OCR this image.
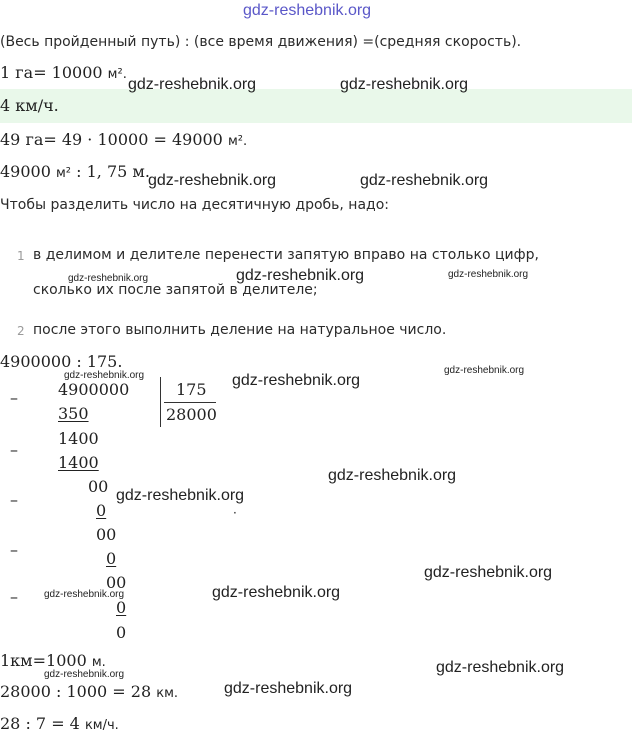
gdz-reshebnik.org
(Весь пройденный путь) : (все время движения) =(средняя скорость).
1 га= 10000 м².
4 км/ч.
49 га= 49 · 10000 = 49000 м².
49000 м² : 1, 75 м.
Чтобы разделить число на десятичную дробь, надо:
1 в делимом и делителе перенести запятую вправо на столько цифр,
сколько их после запятой в делителе;
2 после этого выполнить деление на натуральное число.
4900000 : 175.
4900000	175
28000
–
350
1400
–
1400
00
–
0	·
00
–	0
00
–
0
0
1км=1000 м.
28000 : 1000 = 28 км.
28 : 7 = 4 км/ч.
gdz-reshebnik.org	gdz-reshebnik.org
gdz-reshebnik.org	gdz-reshebnik.org
gdz-reshebnik.org	gdz-reshebnik.org	gdz-reshebnik.org
gdz-reshebnik.org	gdz-reshebnik.org
gdz-reshebnik.org
gdz-reshebnik.org
gdz-reshebnik.org
gdz-reshebnik.org
gdz-reshebnik.org	gdz-reshebnik.org
gdz-reshebnik.org
gdz-reshebnik.org
gdz-reshebnik.org
